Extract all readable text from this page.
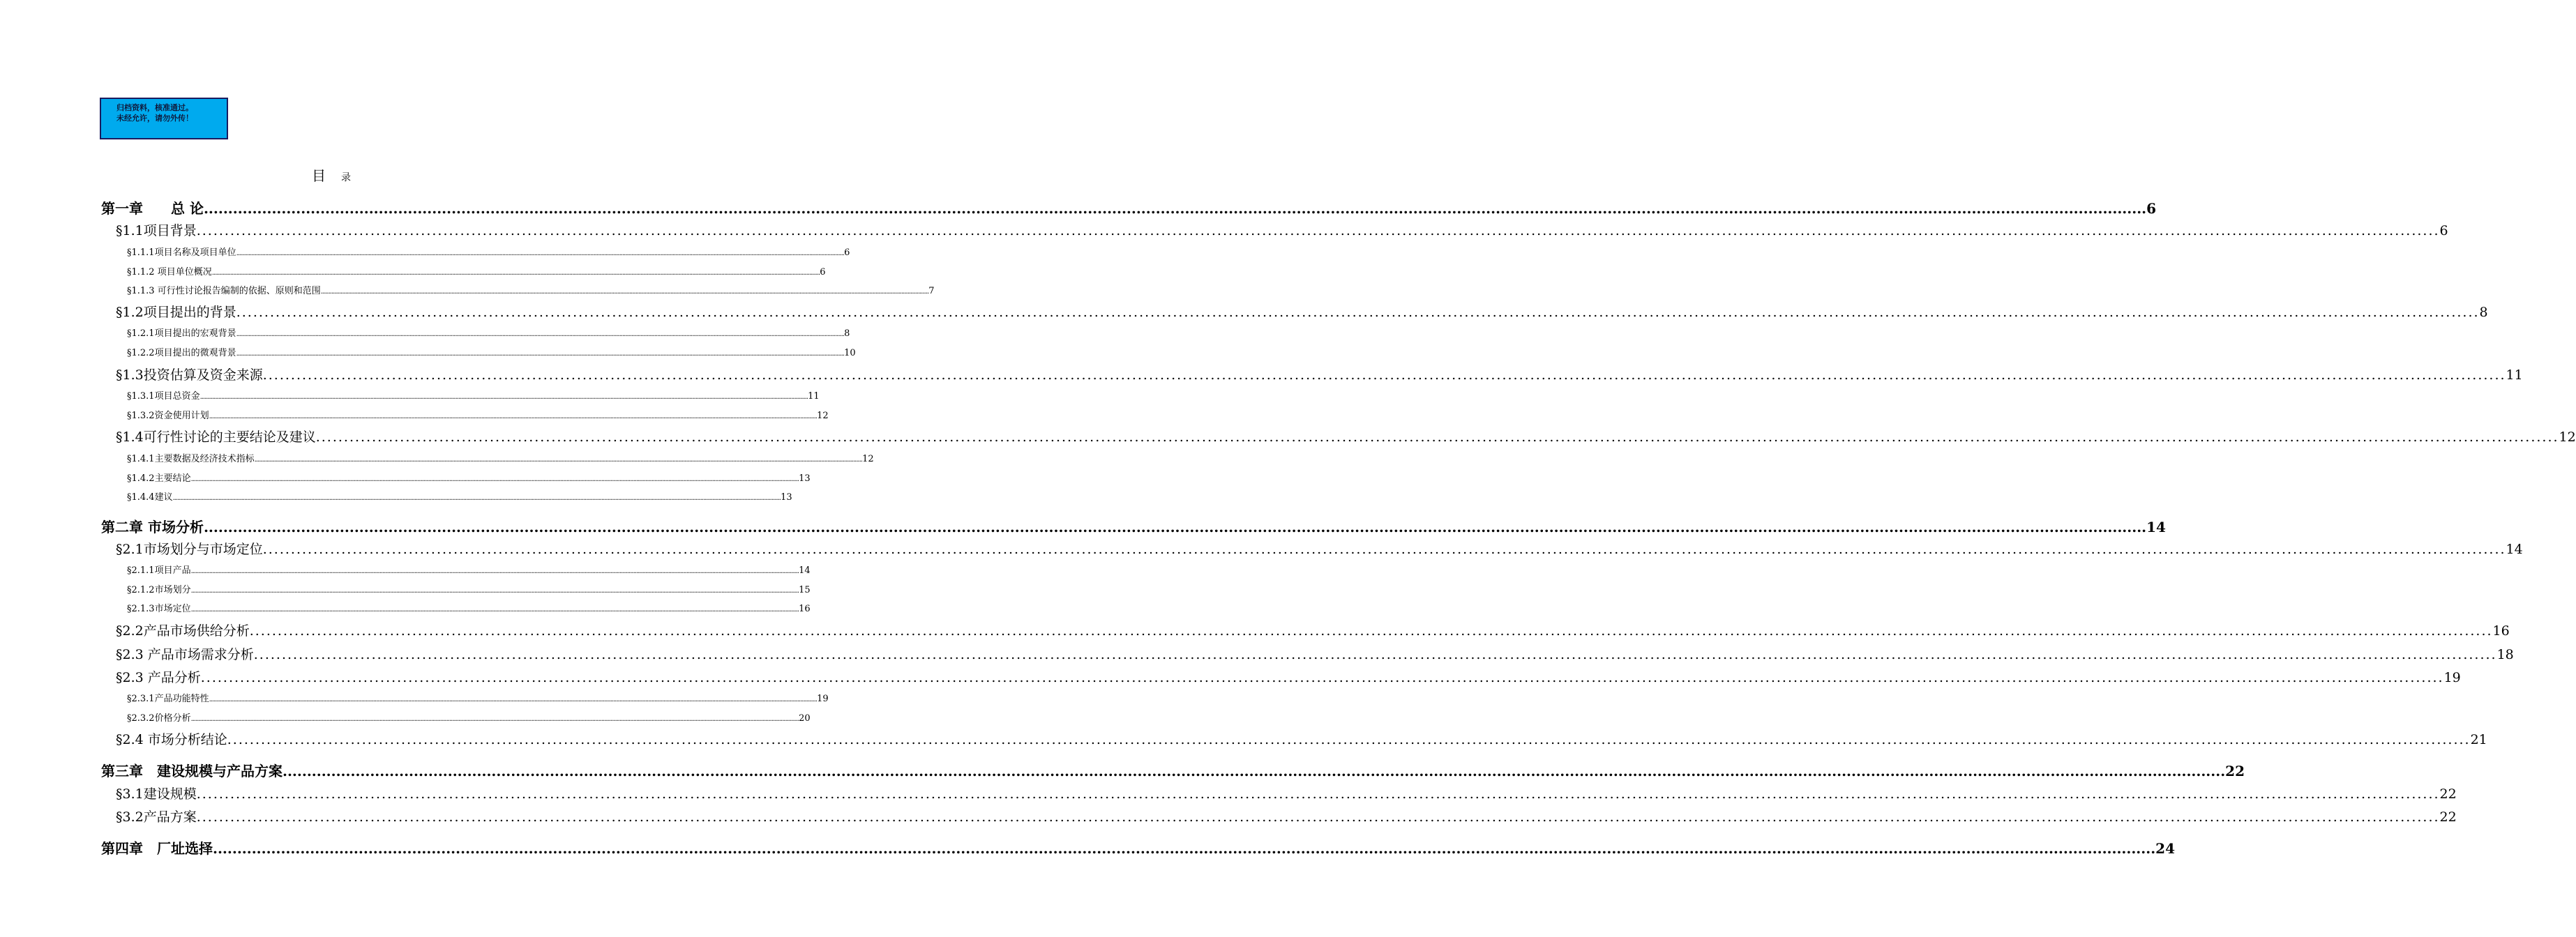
归档资料，核准通过。
未经允许，请勿外传！
目 录
第一章　　总 论 ................................................................................................................................................................................................................................................................................................................................................................................................................ 6
§1.1项目背景 ................................................................................................................................................................................................................................................................................................................................................................................................................ 6
§1.1.1项目名称及项目单位 ................................................................................................................................................................................................................................................................................................................................................................................................................ 6
§1.1.2 项目单位概况 ................................................................................................................................................................................................................................................................................................................................................................................................................ 6
§1.1.3 可行性讨论报告编制的依据、原则和范围 ................................................................................................................................................................................................................................................................................................................................................................................................................ 7
§1.2项目提出的背景 ................................................................................................................................................................................................................................................................................................................................................................................................................ 8
§1.2.1项目提出的宏观背景 ................................................................................................................................................................................................................................................................................................................................................................................................................ 8
§1.2.2项目提出的微观背景 ................................................................................................................................................................................................................................................................................................................................................................................................................ 10
§1.3投资估算及资金来源 ................................................................................................................................................................................................................................................................................................................................................................................................................ 11
§1.3.1项目总资金 ................................................................................................................................................................................................................................................................................................................................................................................................................ 11
§1.3.2资金使用计划 ................................................................................................................................................................................................................................................................................................................................................................................................................ 12
§1.4可行性讨论的主要结论及建议 ................................................................................................................................................................................................................................................................................................................................................................................................................ 12
§1.4.1主要数据及经济技术指标 ................................................................................................................................................................................................................................................................................................................................................................................................................ 12
§1.4.2主要结论 ................................................................................................................................................................................................................................................................................................................................................................................................................ 13
§1.4.4建议 ................................................................................................................................................................................................................................................................................................................................................................................................................ 13
第二章 市场分析 ................................................................................................................................................................................................................................................................................................................................................................................................................ 14
§2.1市场划分与市场定位 ................................................................................................................................................................................................................................................................................................................................................................................................................ 14
§2.1.1项目产品 ................................................................................................................................................................................................................................................................................................................................................................................................................ 14
§2.1.2市场划分 ................................................................................................................................................................................................................................................................................................................................................................................................................ 15
§2.1.3市场定位 ................................................................................................................................................................................................................................................................................................................................................................................................................ 16
§2.2产品市场供给分析 ................................................................................................................................................................................................................................................................................................................................................................................................................ 16
§2.3 产品市场需求分析 ................................................................................................................................................................................................................................................................................................................................................................................................................ 18
§2.3 产品分析 ................................................................................................................................................................................................................................................................................................................................................................................................................ 19
§2.3.1产品功能特性 ................................................................................................................................................................................................................................................................................................................................................................................................................ 19
§2.3.2价格分析 ................................................................................................................................................................................................................................................................................................................................................................................................................ 20
§2.4 市场分析结论 ................................................................................................................................................................................................................................................................................................................................................................................................................ 21
第三章　建设规模与产品方案 ................................................................................................................................................................................................................................................................................................................................................................................................................ 22
§3.1建设规模 ................................................................................................................................................................................................................................................................................................................................................................................................................ 22
§3.2产品方案 ................................................................................................................................................................................................................................................................................................................................................................................................................ 22
第四章　厂址选择 ................................................................................................................................................................................................................................................................................................................................................................................................................ 24
